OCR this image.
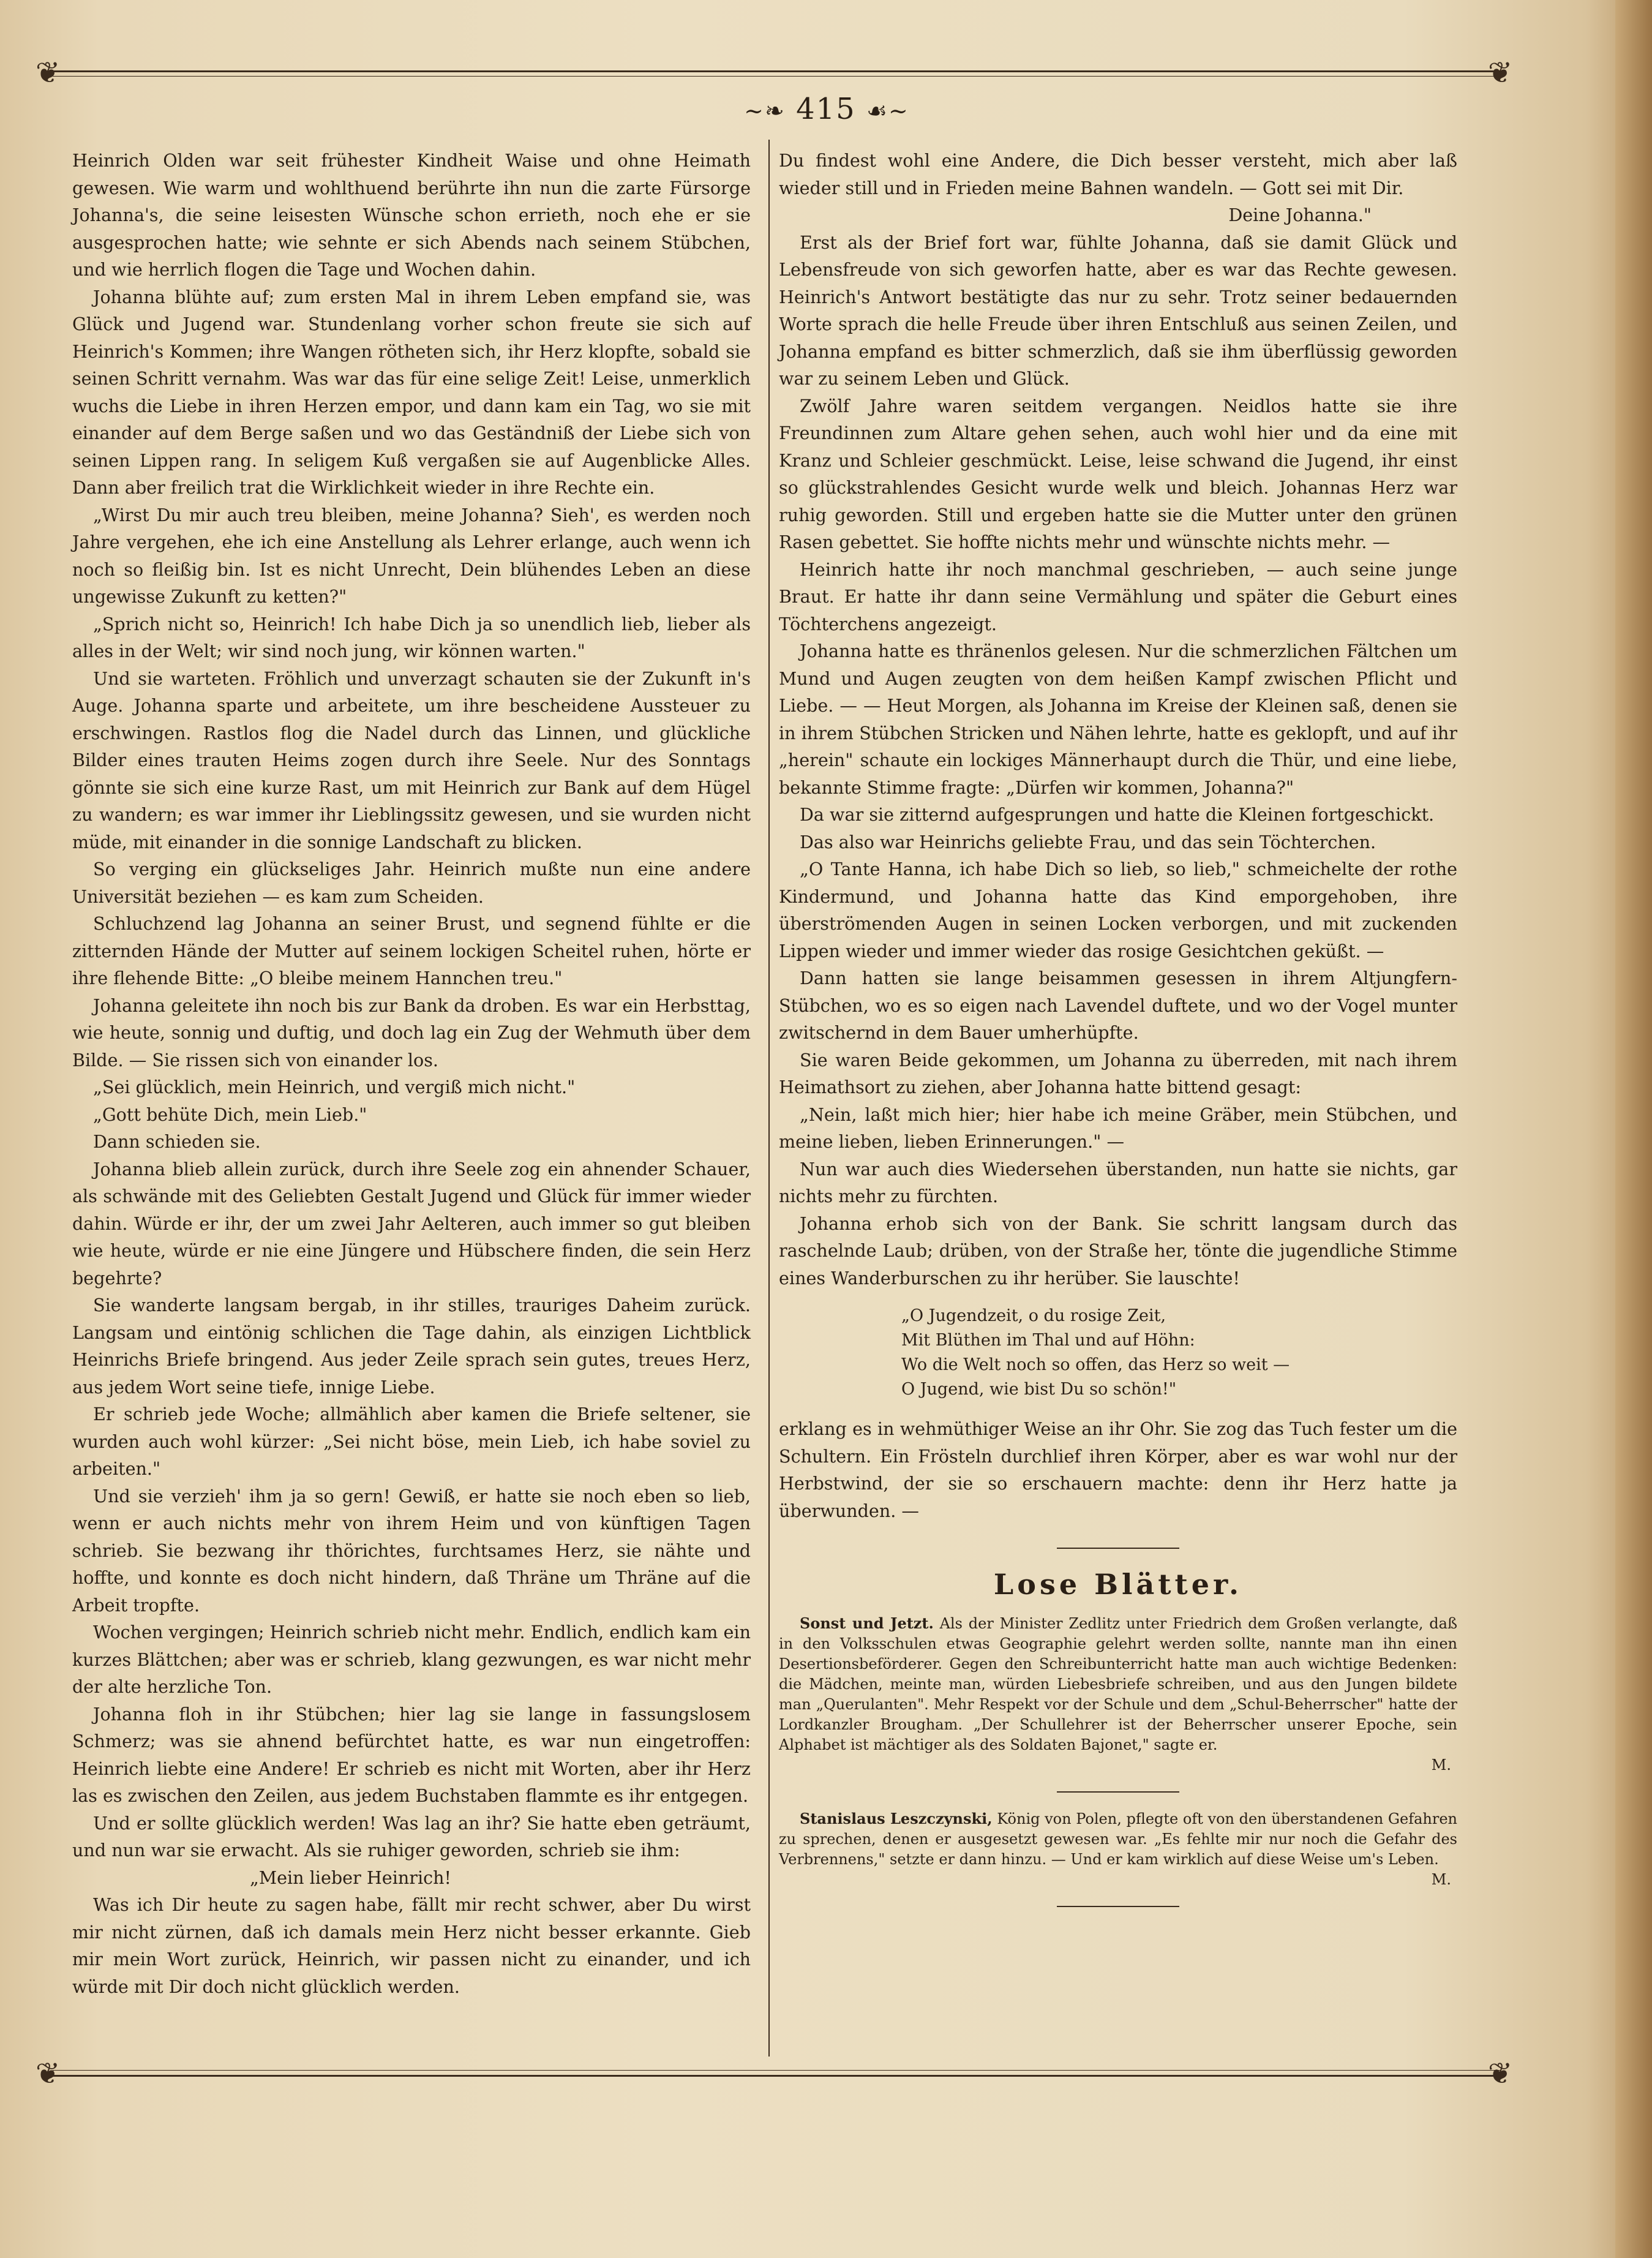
❦	❦
~❧ 415 ☙~

Heinrich Olden war seit frühester Kindheit Waise und ohne Heimath gewesen. Wie warm und wohlthuend berührte ihn nun die zarte Fürsorge Johanna's, die seine leisesten Wünsche schon errieth, noch ehe er sie ausgesprochen hatte; wie sehnte er sich Abends nach seinem Stübchen, und wie herrlich flogen die Tage und Wochen dahin.

Johanna blühte auf; zum ersten Mal in ihrem Leben empfand sie, was Glück und Jugend war. Stundenlang vorher schon freute sie sich auf Heinrich's Kommen; ihre Wangen rötheten sich, ihr Herz klopfte, sobald sie seinen Schritt vernahm. Was war das für eine selige Zeit! Leise, unmerklich wuchs die Liebe in ihren Herzen empor, und dann kam ein Tag, wo sie mit einander auf dem Berge saßen und wo das Geständniß der Liebe sich von seinen Lippen rang. In seligem Kuß vergaßen sie auf Augenblicke Alles. Dann aber freilich trat die Wirklichkeit wieder in ihre Rechte ein.

„Wirst Du mir auch treu bleiben, meine Johanna? Sieh', es werden noch Jahre vergehen, ehe ich eine Anstellung als Lehrer erlange, auch wenn ich noch so fleißig bin. Ist es nicht Unrecht, Dein blühendes Leben an diese ungewisse Zukunft zu ketten?"

„Sprich nicht so, Heinrich! Ich habe Dich ja so unendlich lieb, lieber als alles in der Welt; wir sind noch jung, wir können warten."

Und sie warteten. Fröhlich und unverzagt schauten sie der Zukunft in's Auge. Johanna sparte und arbeitete, um ihre bescheidene Aussteuer zu erschwingen. Rastlos flog die Nadel durch das Linnen, und glückliche Bilder eines trauten Heims zogen durch ihre Seele. Nur des Sonntags gönnte sie sich eine kurze Rast, um mit Heinrich zur Bank auf dem Hügel zu wandern; es war immer ihr Lieblingssitz gewesen, und sie wurden nicht müde, mit einander in die sonnige Landschaft zu blicken.

So verging ein glückseliges Jahr. Heinrich mußte nun eine andere Universität beziehen — es kam zum Scheiden.

Schluchzend lag Johanna an seiner Brust, und segnend fühlte er die zitternden Hände der Mutter auf seinem lockigen Scheitel ruhen, hörte er ihre flehende Bitte: „O bleibe meinem Hannchen treu."

Johanna geleitete ihn noch bis zur Bank da droben. Es war ein Herbsttag, wie heute, sonnig und duftig, und doch lag ein Zug der Wehmuth über dem Bilde. — Sie rissen sich von einander los.

„Sei glücklich, mein Heinrich, und vergiß mich nicht."

„Gott behüte Dich, mein Lieb."

Dann schieden sie.

Johanna blieb allein zurück, durch ihre Seele zog ein ahnender Schauer, als schwände mit des Geliebten Gestalt Jugend und Glück für immer wieder dahin. Würde er ihr, der um zwei Jahr Aelteren, auch immer so gut bleiben wie heute, würde er nie eine Jüngere und Hübschere finden, die sein Herz begehrte?

Sie wanderte langsam bergab, in ihr stilles, trauriges Daheim zurück. Langsam und eintönig schlichen die Tage dahin, als einzigen Lichtblick Heinrichs Briefe bringend. Aus jeder Zeile sprach sein gutes, treues Herz, aus jedem Wort seine tiefe, innige Liebe.

Er schrieb jede Woche; allmählich aber kamen die Briefe seltener, sie wurden auch wohl kürzer: „Sei nicht böse, mein Lieb, ich habe soviel zu arbeiten."

Und sie verzieh' ihm ja so gern! Gewiß, er hatte sie noch eben so lieb, wenn er auch nichts mehr von ihrem Heim und von künftigen Tagen schrieb. Sie bezwang ihr thörichtes, furchtsames Herz, sie nähte und hoffte, und konnte es doch nicht hindern, daß Thräne um Thräne auf die Arbeit tropfte.

Wochen vergingen; Heinrich schrieb nicht mehr. Endlich, endlich kam ein kurzes Blättchen; aber was er schrieb, klang gezwungen, es war nicht mehr der alte herzliche Ton.

Johanna floh in ihr Stübchen; hier lag sie lange in fassungslosem Schmerz; was sie ahnend befürchtet hatte, es war nun eingetroffen: Heinrich liebte eine Andere! Er schrieb es nicht mit Worten, aber ihr Herz las es zwischen den Zeilen, aus jedem Buchstaben flammte es ihr entgegen.

Und er sollte glücklich werden! Was lag an ihr? Sie hatte eben geträumt, und nun war sie erwacht. Als sie ruhiger geworden, schrieb sie ihm:

„Mein lieber Heinrich!

Was ich Dir heute zu sagen habe, fällt mir recht schwer, aber Du wirst mir nicht zürnen, daß ich damals mein Herz nicht besser erkannte. Gieb mir mein Wort zurück, Heinrich, wir passen nicht zu einander, und ich würde mit Dir doch nicht glücklich werden.

Du findest wohl eine Andere, die Dich besser versteht, mich aber laß wieder still und in Frieden meine Bahnen wandeln. — Gott sei mit Dir.

Deine Johanna."

Erst als der Brief fort war, fühlte Johanna, daß sie damit Glück und Lebensfreude von sich geworfen hatte, aber es war das Rechte gewesen. Heinrich's Antwort bestätigte das nur zu sehr. Trotz seiner bedauernden Worte sprach die helle Freude über ihren Entschluß aus seinen Zeilen, und Johanna empfand es bitter schmerzlich, daß sie ihm überflüssig geworden war zu seinem Leben und Glück.

Zwölf Jahre waren seitdem vergangen. Neidlos hatte sie ihre Freundinnen zum Altare gehen sehen, auch wohl hier und da eine mit Kranz und Schleier geschmückt. Leise, leise schwand die Jugend, ihr einst so glückstrahlendes Gesicht wurde welk und bleich. Johannas Herz war ruhig geworden. Still und ergeben hatte sie die Mutter unter den grünen Rasen gebettet. Sie hoffte nichts mehr und wünschte nichts mehr. —

Heinrich hatte ihr noch manchmal geschrieben, — auch seine junge Braut. Er hatte ihr dann seine Vermählung und später die Geburt eines Töchterchens angezeigt.

Johanna hatte es thränenlos gelesen. Nur die schmerzlichen Fältchen um Mund und Augen zeugten von dem heißen Kampf zwischen Pflicht und Liebe. — — Heut Morgen, als Johanna im Kreise der Kleinen saß, denen sie in ihrem Stübchen Stricken und Nähen lehrte, hatte es geklopft, und auf ihr „herein" schaute ein lockiges Männerhaupt durch die Thür, und eine liebe, bekannte Stimme fragte: „Dürfen wir kommen, Johanna?"

Da war sie zitternd aufgesprungen und hatte die Kleinen fortgeschickt.

Das also war Heinrichs geliebte Frau, und das sein Töchterchen.

„O Tante Hanna, ich habe Dich so lieb, so lieb," schmeichelte der rothe Kindermund, und Johanna hatte das Kind emporgehoben, ihre überströmenden Augen in seinen Locken verborgen, und mit zuckenden Lippen wieder und immer wieder das rosige Gesichtchen geküßt. —

Dann hatten sie lange beisammen gesessen in ihrem Altjungfern-Stübchen, wo es so eigen nach Lavendel duftete, und wo der Vogel munter zwitschernd in dem Bauer umherhüpfte.

Sie waren Beide gekommen, um Johanna zu überreden, mit nach ihrem Heimathsort zu ziehen, aber Johanna hatte bittend gesagt:

„Nein, laßt mich hier; hier habe ich meine Gräber, mein Stübchen, und meine lieben, lieben Erinnerungen." —

Nun war auch dies Wiedersehen überstanden, nun hatte sie nichts, gar nichts mehr zu fürchten.

Johanna erhob sich von der Bank. Sie schritt langsam durch das raschelnde Laub; drüben, von der Straße her, tönte die jugendliche Stimme eines Wanderburschen zu ihr herüber. Sie lauschte!

„O Jugendzeit, o du rosige Zeit,
Mit Blüthen im Thal und auf Höhn:
Wo die Welt noch so offen, das Herz so weit —
O Jugend, wie bist Du so schön!"

erklang es in wehmüthiger Weise an ihr Ohr. Sie zog das Tuch fester um die Schultern. Ein Frösteln durchlief ihren Körper, aber es war wohl nur der Herbstwind, der sie so erschauern machte: denn ihr Herz hatte ja überwunden. —

Lose Blätter.

Sonst und Jetzt. Als der Minister Zedlitz unter Friedrich dem Großen verlangte, daß in den Volksschulen etwas Geographie gelehrt werden sollte, nannte man ihn einen Desertionsbeförderer. Gegen den Schreibunterricht hatte man auch wichtige Bedenken: die Mädchen, meinte man, würden Liebesbriefe schreiben, und aus den Jungen bildete man „Querulanten". Mehr Respekt vor der Schule und dem „Schul-Beherrscher" hatte der Lordkanzler Brougham. „Der Schullehrer ist der Beherrscher unserer Epoche, sein Alphabet ist mächtiger als des Soldaten Bajonet," sagte er.

M.

Stanislaus Leszczynski, König von Polen, pflegte oft von den überstandenen Gefahren zu sprechen, denen er ausgesetzt gewesen war. „Es fehlte mir nur noch die Gefahr des Verbrennens," setzte er dann hinzu. — Und er kam wirklich auf diese Weise um's Leben.

M.
❦	❦
